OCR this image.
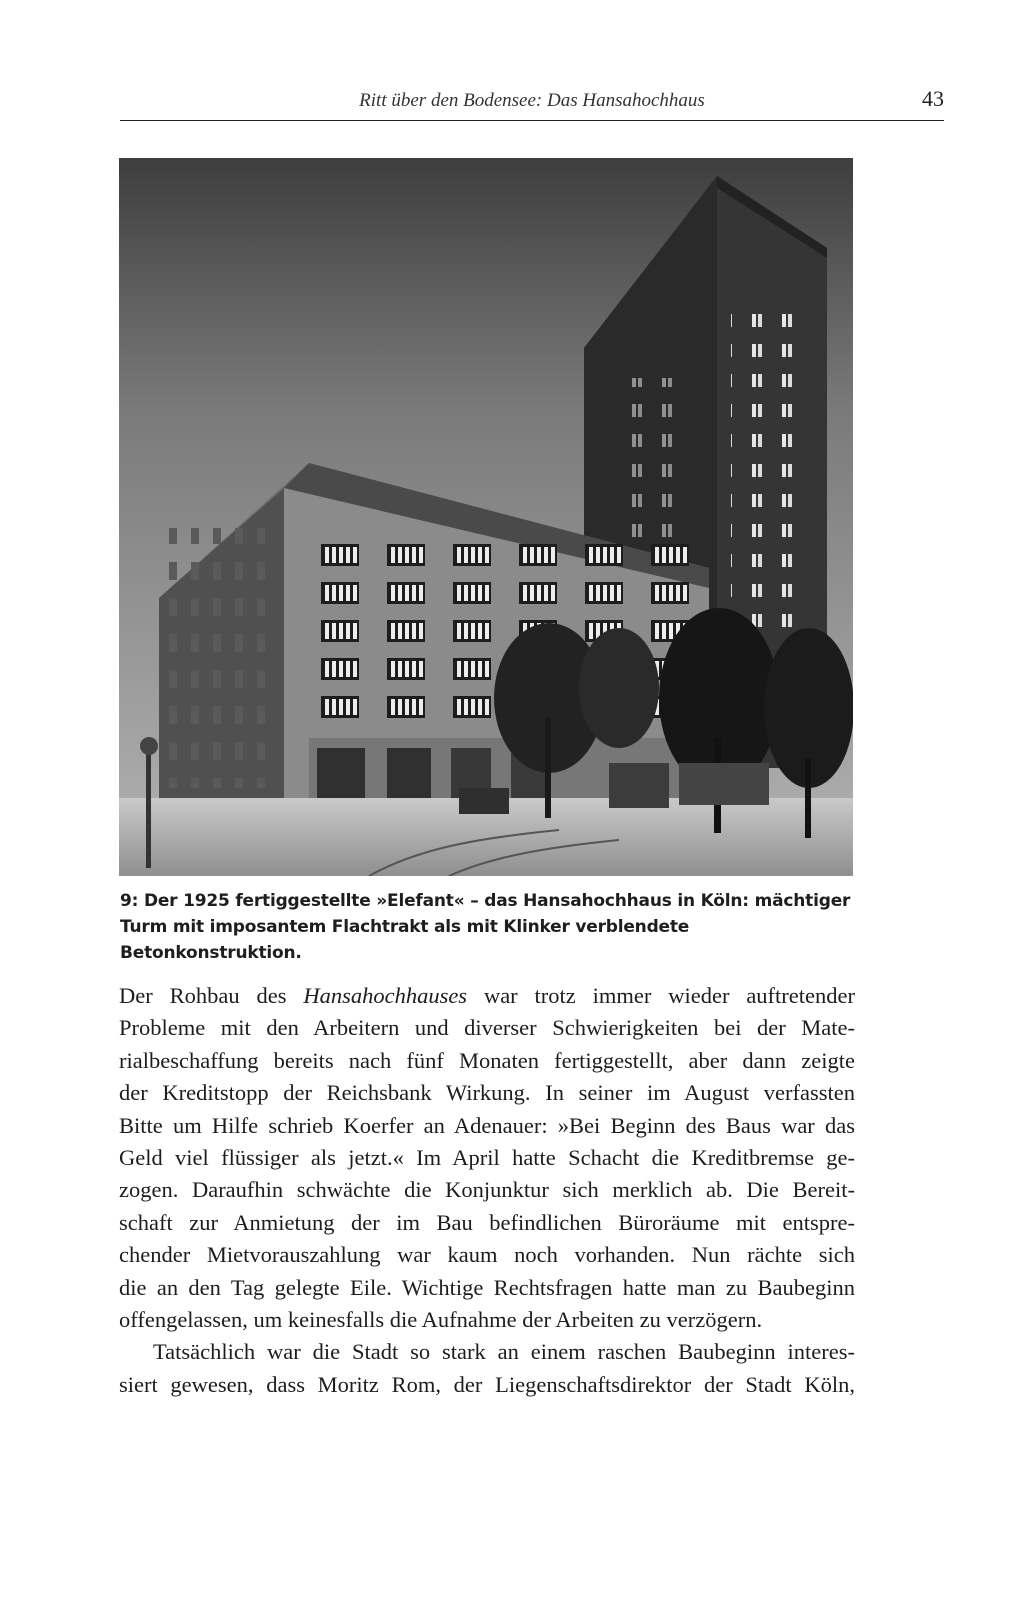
Ritt über den Bodensee: Das Hansahochhaus	43

9: Der 1925 fertiggestellte »Elefant« – das Hansahochhaus in Köln: mächtiger

Turm mit imposantem Flachtrakt als mit Klinker verblendete Betonkonstruktion.

Der Rohbau des Hansahochhauses war trotz immer wieder auftretender

Probleme mit den Arbeitern und diverser Schwierigkeiten bei der Mate-

rialbeschaffung bereits nach fünf Monaten fertiggestellt, aber dann zeigte

der Kreditstopp der Reichsbank Wirkung. In seiner im August verfassten

Bitte um Hilfe schrieb Koerfer an Adenauer: »Bei Beginn des Baus war das

Geld viel flüssiger als jetzt.« Im April hatte Schacht die Kreditbremse ge-

zogen. Daraufhin schwächte die Konjunktur sich merklich ab. Die Bereit-

schaft zur Anmietung der im Bau befindlichen Büroräume mit entspre-

chender Mietvorauszahlung war kaum noch vorhanden. Nun rächte sich

die an den Tag gelegte Eile. Wichtige Rechtsfragen hatte man zu Baubeginn

offengelassen, um keinesfalls die Aufnahme der Arbeiten zu verzögern.

Tatsächlich war die Stadt so stark an einem raschen Baubeginn interes-

siert gewesen, dass Moritz Rom, der Liegenschaftsdirektor der Stadt Köln,
